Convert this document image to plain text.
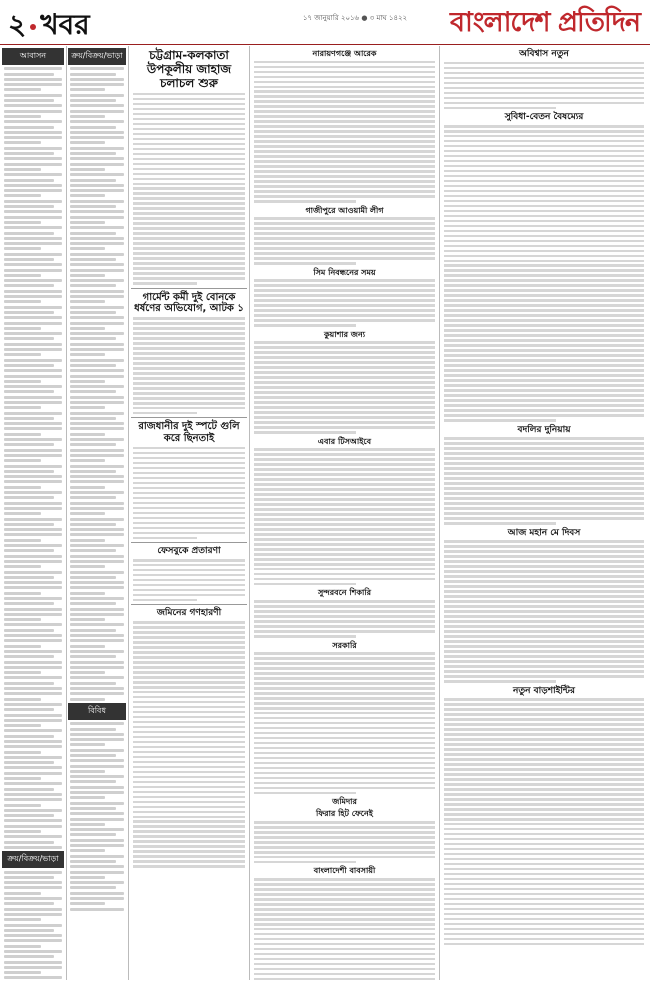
২ খবর	১৭ জানুয়ারি ২০১৬ ● ৩ মাঘ ১৪২২	বাংলাদেশ প্রতিদিন
আবাসন
ক্রয়/বিক্রয়/ভাড়া
ক্রয়/বিক্রয়/ভাড়া
বিবিধ
চট্টগ্রাম-কলকাতা উপকূলীয় জাহাজ চলাচল শুরু
গার্মেন্ট কর্মী দুই বোনকে ধর্ষণের অভিযোগ, আটক ১
রাজধানীর দুই স্পটে গুলি করে ছিনতাই
ফেসবুকে প্রতারণা
জমিনের গণহারণী
নারায়ণগঞ্জে আরেক
গাজীপুরে আওয়ামী লীগ
সিম নিবন্ধনের সময়
কুয়াশার জন্য
এবার টিসআইবে
সুন্দরবনে শিকারি
সরকারি
জমিদার
ফিরার হিট ফেনেই
বাংলাদেশী বাবসায়ী
অবিশ্বাস নতুন
সুবিধা-বেতন বৈষম্যের
বদলির দুনিয়ায়
আজ মহান মে দিবস
নতুন বাড়শাইন্টির
